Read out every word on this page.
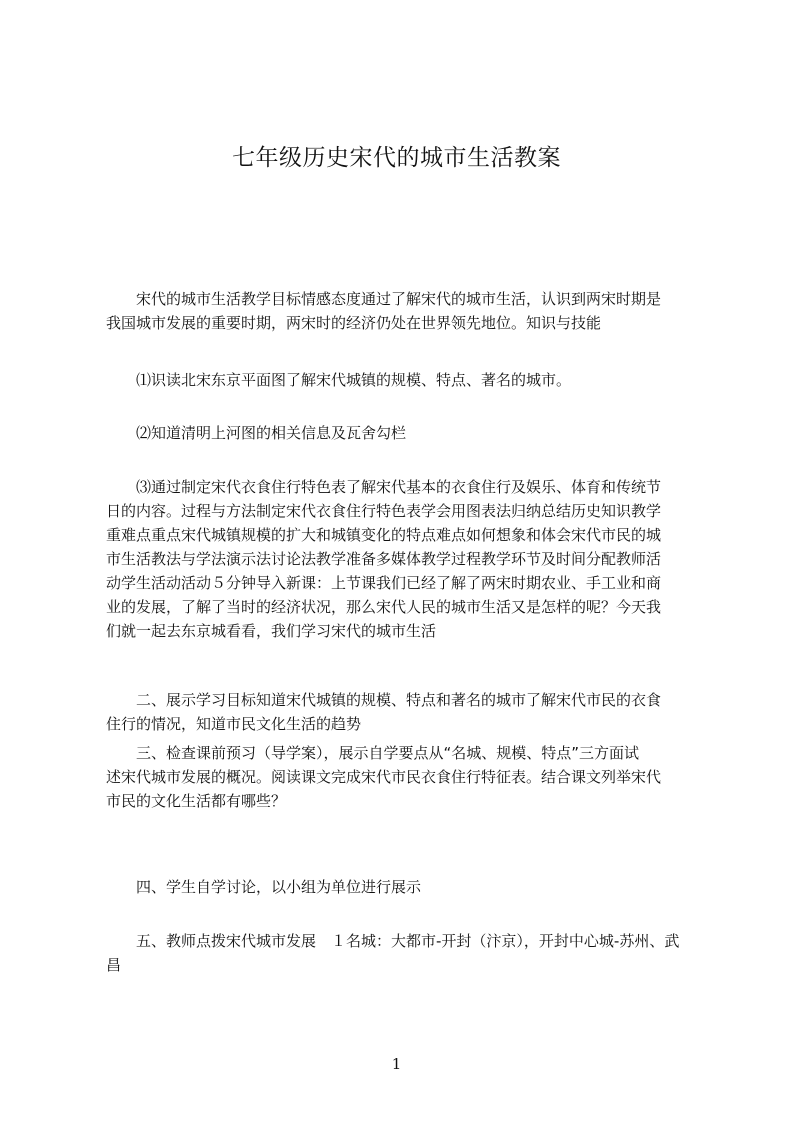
七年级历史宋代的城市生活教案
　　宋代的城市生活教学目标情感态度通过了解宋代的城市生活，认识到两宋时期是
我国城市发展的重要时期，两宋时的经济仍处在世界领先地位。知识与技能
　　⑴识读北宋东京平面图了解宋代城镇的规模、特点、著名的城市。
　　⑵知道清明上河图的相关信息及瓦舍勾栏
　　⑶通过制定宋代衣食住行特色表了解宋代基本的衣食住行及娱乐、体育和传统节
日的内容。过程与方法制定宋代衣食住行特色表学会用图表法归纳总结历史知识教学
重难点重点宋代城镇规模的扩大和城镇变化的特点难点如何想象和体会宋代市民的城
市生活教法与学法演示法讨论法教学准备多媒体教学过程教学环节及时间分配教师活
动学生活动活动５分钟导入新课：上节课我们已经了解了两宋时期农业、手工业和商
业的发展，了解了当时的经济状况，那么宋代人民的城市生活又是怎样的呢？今天我
们就一起去东京城看看，我们学习宋代的城市生活
　　二、展示学习目标知道宋代城镇的规模、特点和著名的城市了解宋代市民的衣食
住行的情况，知道市民文化生活的趋势
　　三、检查课前预习（导学案），展示自学要点从“名城、规模、特点”三方面试
述宋代城市发展的概况。阅读课文完成宋代市民衣食住行特征表。结合课文列举宋代
市民的文化生活都有哪些？
　　四、学生自学讨论，以小组为单位进行展示
　　五、教师点拨宋代城市发展　１名城：大都市-开封（汴京），开封中心城-苏州、武
昌
1
